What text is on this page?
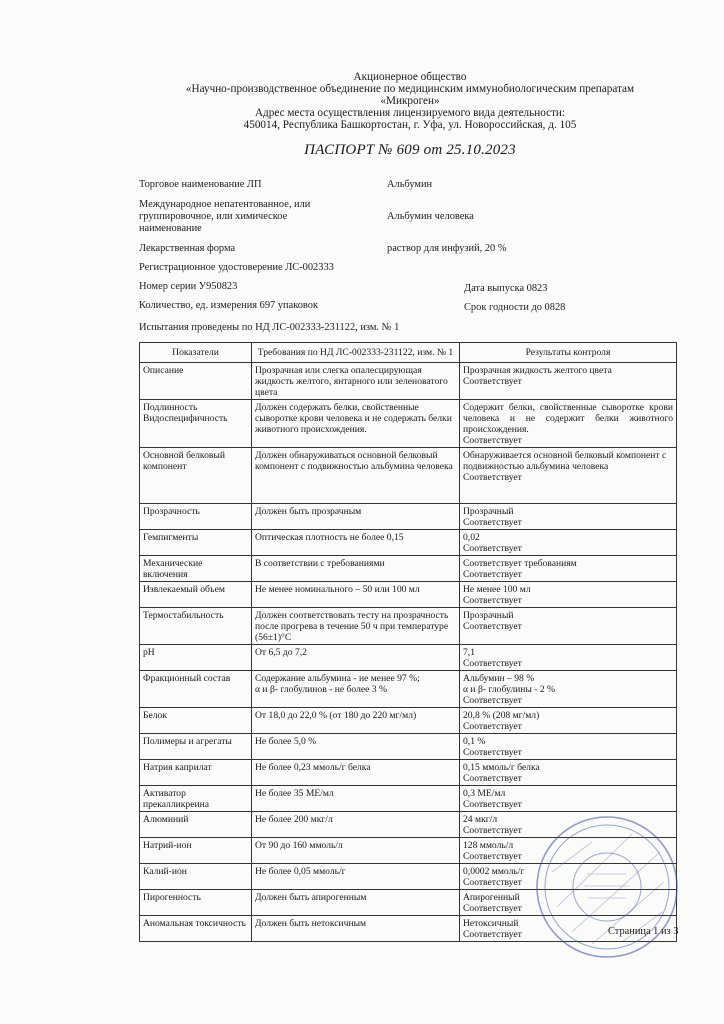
Акционерное общество
«Научно-производственное объединение по медицинским иммунобиологическим препаратам
«Микроген»
Адрес места осуществления лицензируемого вида деятельности:
450014, Республика Башкортостан, г. Уфа, ул. Новороссийская, д. 105
ПАСПОРТ № 609 от 25.10.2023
Торговое наименование ЛП	Альбумин
Международное непатентованное, или
группировочное, или химическое
наименование
Альбумин человека
Лекарственная форма	раствор для инфузий, 20 %
Регистрационное удостоверение ЛС-002333
Номер серии У950823	Дата выпуска 0823
Количество, ед. измерения 697 упаковок	Срок годности до 0828
Испытания проведены по НД ЛС-002333-231122, изм. № 1
Показатели	Требования по НД ЛС-002333-231122, изм. № 1	Результаты контроля

Описание	Прозрачная или слегка опалесцирующая жидкость желтого, янтарного или зеленоватого цвета	Прозрачная жидкость желтого цвета
Соответствует

Подлинность
Видоспецифичность	Должен содержать белки, свойственные сыворотке крови человека и не содержать белки животного происхождения.	Содержит белки, свойственные сыворотке крови человека и не содержит белки животного происхождения.
Соответствует

Основной белковый компонент	Должен обнаруживаться основной белковый компонент с подвижностью альбумина человека	Обнаруживается основной белковый компонент с подвижностью альбумина человека
Соответствует

Прозрачность	Должен быть прозрачным	Прозрачный
Соответствует

Гемпигменты	Оптическая плотность не более 0,15	0,02
Соответствует

Механические включения	В соответствии с требованиями	Соответствует требованиям
Соответствует

Извлекаемый объем	Не менее номинального – 50 или 100 мл	Не менее 100 мл
Соответствует

Термостабильность	Должен соответствовать тесту на прозрачность после прогрева в течение 50 ч при температуре (56±1)°С	Прозрачный
Соответствует

pH	От 6,5 до 7,2	7,1
Соответствует

Фракционный состав	Содержание альбумина - не менее 97 %;
α и β- глобулинов - не более 3 %	Альбумин – 98 %
α и β- глобулины - 2 %
Соответствует

Белок	От 18,0 до 22,0 % (от 180 до 220 мг/мл)	20,8 % (208 мг/мл)
Соответствует

Полимеры и агрегаты	Не более 5,0 %	0,1 %
Соответствует

Натрия каприлат	Не более 0,23 ммоль/г белка	0,15 ммоль/г белка
Соответствует

Активатор прекалликреина	Не более 35 МЕ/мл	0,3 МЕ/мл
Соответствует

Алюминий	Не более 200 мкг/л	24 мкг/л
Соответствует

Натрий-ион	От 90 до 160 ммоль/л	128 ммоль/л
Соответствует

Калий-ион	Не более 0,05 ммоль/г	0,0002 ммоль/г
Соответствует

Пирогенность	Должен быть апирогенным	Апирогенный
Соответствует

Аномальная токсичность	Должен быть нетоксичным	Нетоксичный
Соответствует	Страница 1 из 3
